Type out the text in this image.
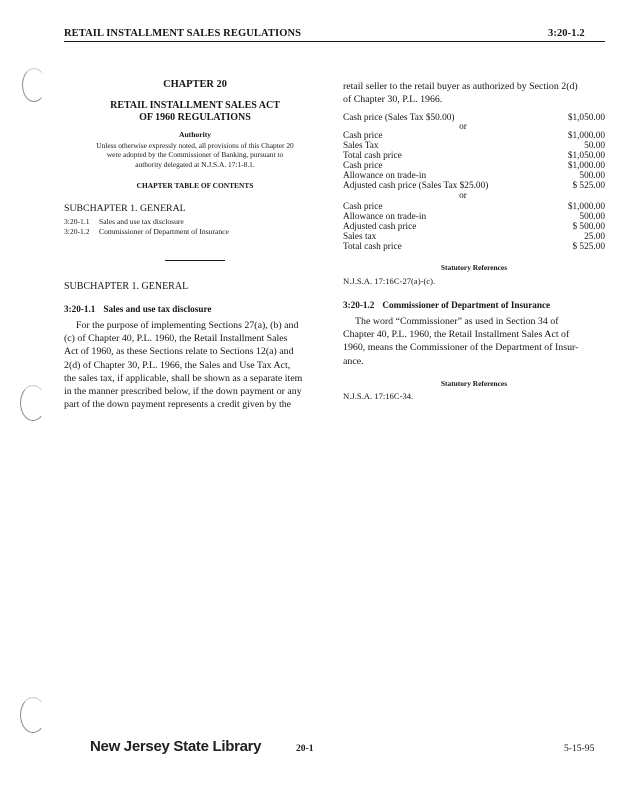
RETAIL INSTALLMENT SALES REGULATIONS	3:20-1.2
CHAPTER 20
RETAIL INSTALLMENT SALES ACT
OF 1960 REGULATIONS
Authority
Unless otherwise expressly noted, all provisions of this Chapter 20
were adopted by the Commissioner of Banking, pursuant to
authority delegated at N.J.S.A. 17:1-8.1.
CHAPTER TABLE OF CONTENTS
SUBCHAPTER 1. GENERAL
3:20-1.1 Sales and use tax disclosure
3:20-1.2 Commissioner of Department of Insurance
SUBCHAPTER 1. GENERAL
3:20-1.1 Sales and use tax disclosure
For the purpose of implementing Sections 27(a), (b) and
(c) of Chapter 40, P.L. 1960, the Retail Installment Sales
Act of 1960, as these Sections relate to Sections 12(a) and
2(d) of Chapter 30, P.L. 1966, the Sales and Use Tax Act,
the sales tax, if applicable, shall be shown as a separate item
in the manner prescribed below, if the down payment or any
part of the down payment represents a credit given by the
retail seller to the retail buyer as authorized by Section 2(d)
of Chapter 30, P.L. 1966.
Cash price (Sales Tax $50.00)	$1,050.00
or
Cash price	$1,000.00
Sales Tax	50.00
Total cash price	$1,050.00
Cash price	$1,000.00
Allowance on trade-in	500.00
Adjusted cash price (Sales Tax $25.00)	$ 525.00
or
Cash price	$1,000.00
Allowance on trade-in	500.00
Adjusted cash price	$ 500.00
Sales tax	25.00
Total cash price	$ 525.00
Statutory References
N.J.S.A. 17:16C-27(a)-(c).
3:20-1.2 Commissioner of Department of Insurance
The word “Commissioner” as used in Section 34 of
Chapter 40, P.L. 1960, the Retail Installment Sales Act of
1960, means the Commissioner of the Department of Insur-
ance.
Statutory References
N.J.S.A. 17:16C-34.
New Jersey State Library	20-1	5-15-95
